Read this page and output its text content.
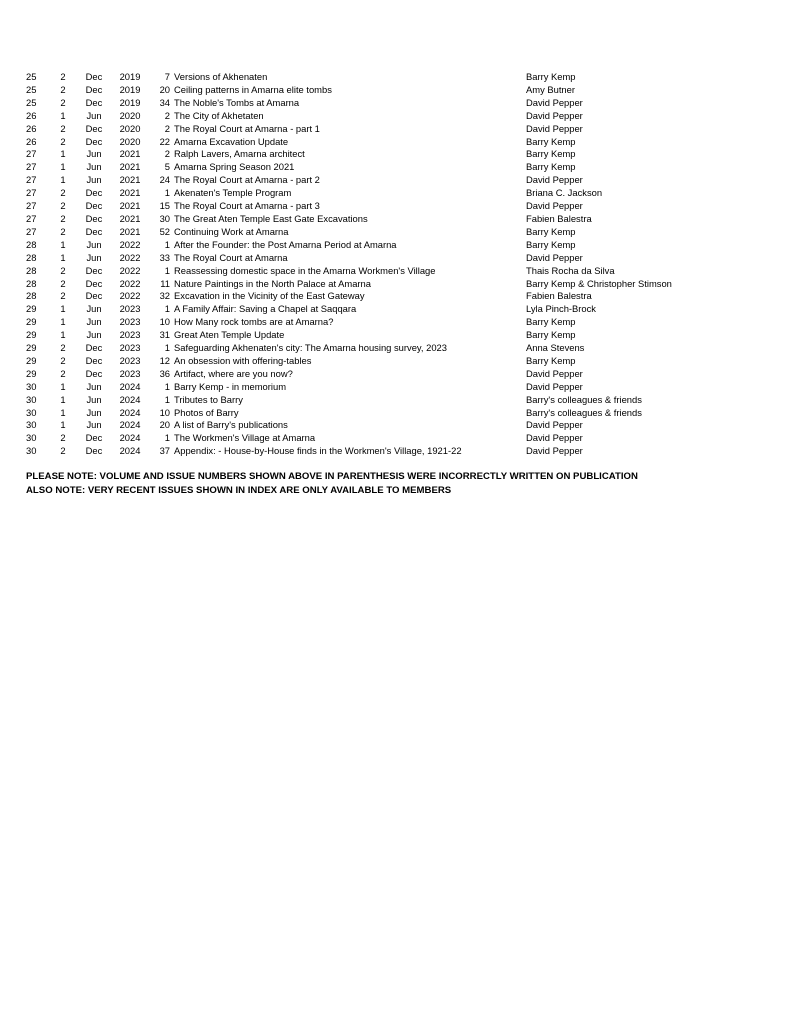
25	2	Dec	2019	7	Versions of Akhenaten	Barry Kemp
25	2	Dec	2019	20	Ceiling patterns in Amarna elite tombs	Amy Butner
25	2	Dec	2019	34	The Noble's Tombs at Amarna	David Pepper
26	1	Jun	2020	2	The City of Akhetaten	David Pepper
26	2	Dec	2020	2	The Royal Court at Amarna - part 1	David Pepper
26	2	Dec	2020	22	Amarna Excavation Update	Barry Kemp
27	1	Jun	2021	2	Ralph Lavers, Amarna architect	Barry Kemp
27	1	Jun	2021	5	Amarna Spring Season 2021	Barry Kemp
27	1	Jun	2021	24	The Royal Court at Amarna - part 2	David Pepper
27	2	Dec	2021	1	Akenaten's Temple Program	Briana C. Jackson
27	2	Dec	2021	15	The Royal Court at Amarna - part 3	David Pepper
27	2	Dec	2021	30	The Great Aten Temple East Gate Excavations	Fabien Balestra
27	2	Dec	2021	52	Continuing Work at Amarna	Barry Kemp
28	1	Jun	2022	1	After the Founder: the Post Amarna Period at Amarna	Barry Kemp
28	1	Jun	2022	33	The Royal Court at Amarna	David Pepper
28	2	Dec	2022	1	Reassessing domestic space in the Amarna Workmen's Village	Thais Rocha da Silva
28	2	Dec	2022	11	Nature Paintings in the North Palace at Amarna	Barry Kemp & Christopher Stimson
28	2	Dec	2022	32	Excavation in the Vicinity of the East Gateway	Fabien Balestra
29	1	Jun	2023	1	A Family Affair: Saving a Chapel at Saqqara	Lyla Pinch-Brock
29	1	Jun	2023	10	How Many rock tombs are at Amarna?	Barry Kemp
29	1	Jun	2023	31	Great Aten Temple Update	Barry Kemp
29	2	Dec	2023	1	Safeguarding Akhenaten's city: The Amarna housing survey, 2023	Anna Stevens
29	2	Dec	2023	12	An obsession with offering-tables	Barry Kemp
29	2	Dec	2023	36	Artifact, where are you now?	David Pepper
30	1	Jun	2024	1	Barry Kemp - in memorium	David Pepper
30	1	Jun	2024	1	Tributes to Barry	Barry's colleagues & friends
30	1	Jun	2024	10	Photos of Barry	Barry's colleagues & friends
30	1	Jun	2024	20	A list of Barry's publications	David Pepper
30	2	Dec	2024	1	The Workmen's Village at Amarna	David Pepper
30	2	Dec	2024	37	Appendix: - House-by-House finds in the Workmen's Village, 1921-22	David Pepper
PLEASE NOTE: VOLUME AND ISSUE NUMBERS SHOWN ABOVE IN PARENTHESIS WERE INCORRECTLY WRITTEN ON PUBLICATION
ALSO NOTE: VERY RECENT ISSUES SHOWN IN INDEX ARE ONLY AVAILABLE TO MEMBERS
